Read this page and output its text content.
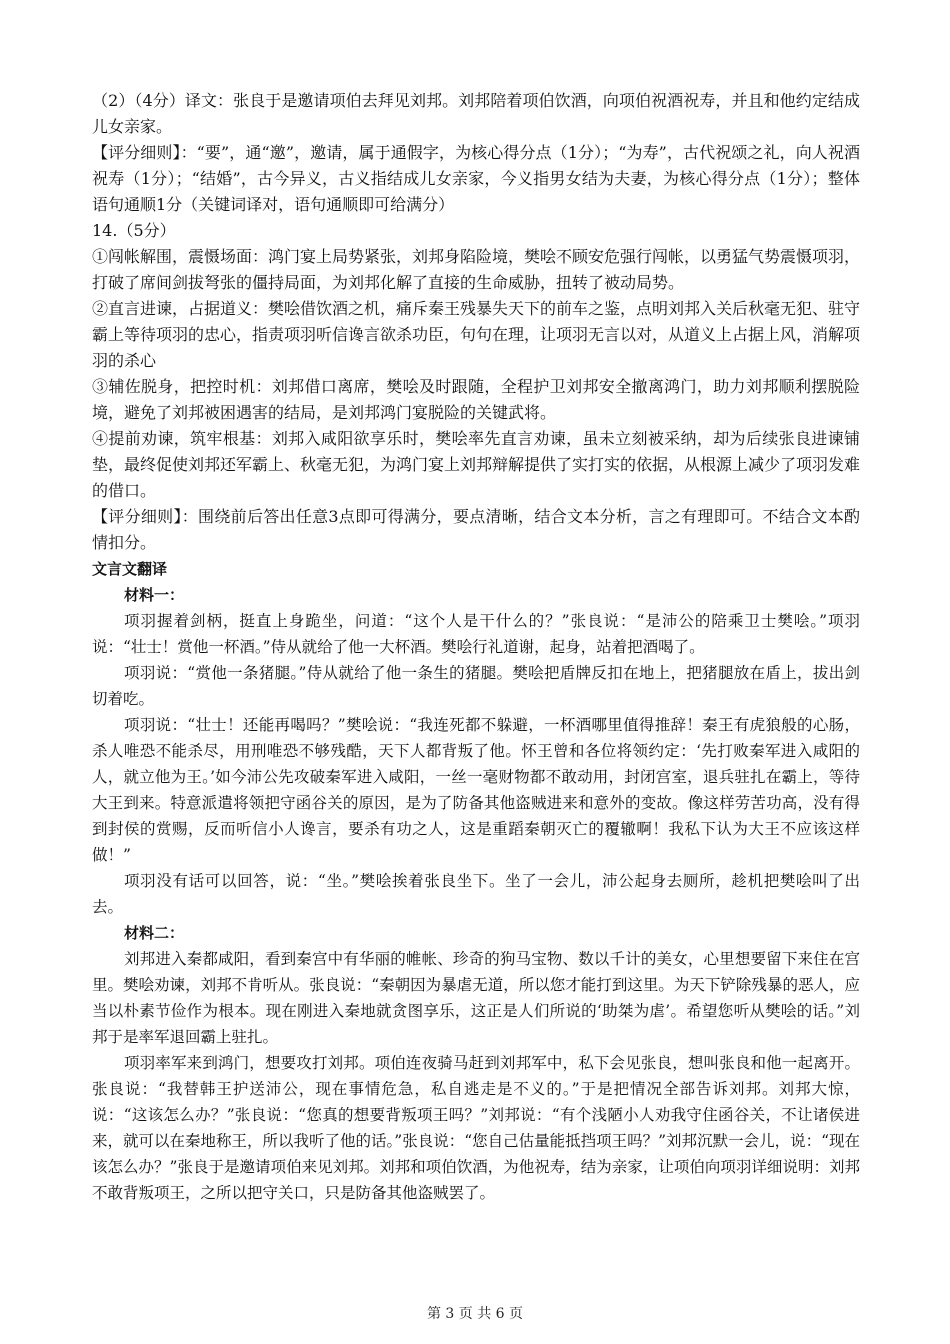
（2）（4分）译文：张良于是邀请项伯去拜见刘邦。刘邦陪着项伯饮酒，向项伯祝酒祝寿，并且和他约定结成儿女亲家。

【评分细则】：“要”，通“邀”，邀请，属于通假字，为核心得分点（1分）；“为寿”，古代祝颂之礼，向人祝酒祝寿（1分）；“结婚”，古今异义，古义指结成儿女亲家，今义指男女结为夫妻，为核心得分点（1分）；整体语句通顺1分（关键词译对，语句通顺即可给满分）

14.（5分）

①闯帐解围，震慑场面：鸿门宴上局势紧张，刘邦身陷险境，樊哙不顾安危强行闯帐，以勇猛气势震慑项羽，打破了席间剑拔弩张的僵持局面，为刘邦化解了直接的生命威胁，扭转了被动局势。

②直言进谏，占据道义：樊哙借饮酒之机，痛斥秦王残暴失天下的前车之鉴，点明刘邦入关后秋毫无犯、驻守霸上等待项羽的忠心，指责项羽听信谗言欲杀功臣，句句在理，让项羽无言以对，从道义上占据上风，消解项羽的杀心

③辅佐脱身，把控时机：刘邦借口离席，樊哙及时跟随，全程护卫刘邦安全撤离鸿门，助力刘邦顺利摆脱险境，避免了刘邦被困遇害的结局，是刘邦鸿门宴脱险的关键武将。

④提前劝谏，筑牢根基：刘邦入咸阳欲享乐时，樊哙率先直言劝谏，虽未立刻被采纳，却为后续张良进谏铺垫，最终促使刘邦还军霸上、秋毫无犯，为鸿门宴上刘邦辩解提供了实打实的依据，从根源上减少了项羽发难的借口。

【评分细则】：围绕前后答出任意3点即可得满分，要点清晰，结合文本分析，言之有理即可。不结合文本酌情扣分。

文言文翻译

材料一：

项羽握着剑柄，挺直上身跪坐，问道：“这个人是干什么的？”张良说：“是沛公的陪乘卫士樊哙。”项羽说：“壮士！赏他一杯酒。”侍从就给了他一大杯酒。樊哙行礼道谢，起身，站着把酒喝了。

项羽说：“赏他一条猪腿。”侍从就给了他一条生的猪腿。樊哙把盾牌反扣在地上，把猪腿放在盾上，拔出剑切着吃。

项羽说：“壮士！还能再喝吗？”樊哙说：“我连死都不躲避，一杯酒哪里值得推辞！秦王有虎狼般的心肠，杀人唯恐不能杀尽，用刑唯恐不够残酷，天下人都背叛了他。怀王曾和各位将领约定：‘先打败秦军进入咸阳的人，就立他为王。’如今沛公先攻破秦军进入咸阳，一丝一毫财物都不敢动用，封闭宫室，退兵驻扎在霸上，等待大王到来。特意派遣将领把守函谷关的原因，是为了防备其他盗贼进来和意外的变故。像这样劳苦功高，没有得到封侯的赏赐，反而听信小人谗言，要杀有功之人，这是重蹈秦朝灭亡的覆辙啊！我私下认为大王不应该这样做！”

项羽没有话可以回答，说：“坐。”樊哙挨着张良坐下。坐了一会儿，沛公起身去厕所，趁机把樊哙叫了出去。

材料二：

刘邦进入秦都咸阳，看到秦宫中有华丽的帷帐、珍奇的狗马宝物、数以千计的美女，心里想要留下来住在宫里。樊哙劝谏，刘邦不肯听从。张良说：“秦朝因为暴虐无道，所以您才能打到这里。为天下铲除残暴的恶人，应当以朴素节俭作为根本。现在刚进入秦地就贪图享乐，这正是人们所说的‘助桀为虐’。希望您听从樊哙的话。”刘邦于是率军退回霸上驻扎。

项羽率军来到鸿门，想要攻打刘邦。项伯连夜骑马赶到刘邦军中，私下会见张良，想叫张良和他一起离开。张良说：“我替韩王护送沛公，现在事情危急，私自逃走是不义的。”于是把情况全部告诉刘邦。刘邦大惊，说：“这该怎么办？”张良说：“您真的想要背叛项王吗？”刘邦说：“有个浅陋小人劝我守住函谷关，不让诸侯进来，就可以在秦地称王，所以我听了他的话。”张良说：“您自己估量能抵挡项王吗？”刘邦沉默一会儿，说：“现在该怎么办？”张良于是邀请项伯来见刘邦。刘邦和项伯饮酒，为他祝寿，结为亲家，让项伯向项羽详细说明：刘邦不敢背叛项王，之所以把守关口，只是防备其他盗贼罢了。

第 3 页 共 6 页
